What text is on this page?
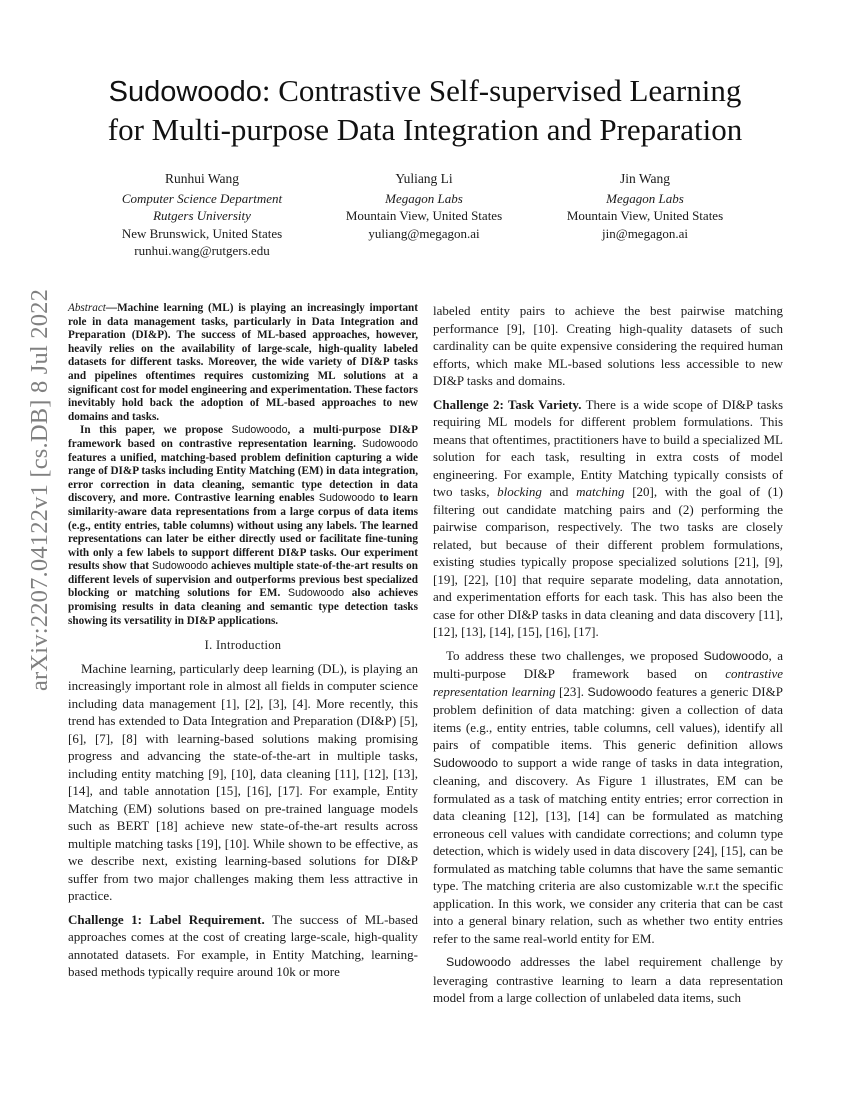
arXiv:2207.04122v1 [cs.DB] 8 Jul 2022
Sudowoodo: Contrastive Self-supervised Learning
for Multi-purpose Data Integration and Preparation
Runhui Wang
Computer Science Department
Rutgers University
New Brunswick, United States
runhui.wang@rutgers.edu
Yuliang Li
Megagon Labs
Mountain View, United States
yuliang@megagon.ai
Jin Wang
Megagon Labs
Mountain View, United States
jin@megagon.ai

Abstract—Machine learning (ML) is playing an increasingly important role in data management tasks, particularly in Data Integration and Preparation (DI&P). The success of ML-based approaches, however, heavily relies on the availability of large-scale, high-quality labeled datasets for different tasks. Moreover, the wide variety of DI&P tasks and pipelines oftentimes requires customizing ML solutions at a significant cost for model engineering and experimentation. These factors inevitably hold back the adoption of ML-based approaches to new domains and tasks.

In this paper, we propose Sudowoodo, a multi-purpose DI&P framework based on contrastive representation learning. Sudowoodo features a unified, matching-based problem definition capturing a wide range of DI&P tasks including Entity Matching (EM) in data integration, error correction in data cleaning, semantic type detection in data discovery, and more. Contrastive learning enables Sudowoodo to learn similarity-aware data representations from a large corpus of data items (e.g., entity entries, table columns) without using any labels. The learned representations can later be either directly used or facilitate fine-tuning with only a few labels to support different DI&P tasks. Our experiment results show that Sudowoodo achieves multiple state-of-the-art results on different levels of supervision and outperforms previous best specialized blocking or matching solutions for EM. Sudowoodo also achieves promising results in data cleaning and semantic type detection tasks showing its versatility in DI&P applications.

I. Introduction

Machine learning, particularly deep learning (DL), is playing an increasingly important role in almost all fields in computer science including data management [1], [2], [3], [4]. More recently, this trend has extended to Data Integration and Preparation (DI&P) [5], [6], [7], [8] with learning-based solutions making promising progress and advancing the state-of-the-art in multiple tasks, including entity matching [9], [10], data cleaning [11], [12], [13], [14], and table annotation [15], [16], [17]. For example, Entity Matching (EM) solutions based on pre-trained language models such as BERT [18] achieve new state-of-the-art results across multiple matching tasks [19], [10]. While shown to be effective, as we describe next, existing learning-based solutions for DI&P suffer from two major challenges making them less attractive in practice.

Challenge 1: Label Requirement. The success of ML-based approaches comes at the cost of creating large-scale, high-quality annotated datasets. For example, in Entity Matching, learning-based methods typically require around 10k or more

labeled entity pairs to achieve the best pairwise matching performance [9], [10]. Creating high-quality datasets of such cardinality can be quite expensive considering the required human efforts, which make ML-based solutions less accessible to new DI&P tasks and domains.

Challenge 2: Task Variety. There is a wide scope of DI&P tasks requiring ML models for different problem formulations. This means that oftentimes, practitioners have to build a specialized ML solution for each task, resulting in extra costs of model engineering. For example, Entity Matching typically consists of two tasks, blocking and matching [20], with the goal of (1) filtering out candidate matching pairs and (2) performing the pairwise comparison, respectively. The two tasks are closely related, but because of their different problem formulations, existing studies typically propose specialized solutions [21], [9], [19], [22], [10] that require separate modeling, data annotation, and experimentation efforts for each task. This has also been the case for other DI&P tasks in data cleaning and data discovery [11], [12], [13], [14], [15], [16], [17].

To address these two challenges, we proposed Sudowoodo, a multi-purpose DI&P framework based on contrastive representation learning [23]. Sudowoodo features a generic DI&P problem definition of data matching: given a collection of data items (e.g., entity entries, table columns, cell values), identify all pairs of compatible items. This generic definition allows Sudowoodo to support a wide range of tasks in data integration, cleaning, and discovery. As Figure 1 illustrates, EM can be formulated as a task of matching entity entries; error correction in data cleaning [12], [13], [14] can be formulated as matching erroneous cell values with candidate corrections; and column type detection, which is widely used in data discovery [24], [15], can be formulated as matching table columns that have the same semantic type. The matching criteria are also customizable w.r.t the specific application. In this work, we consider any criteria that can be cast into a general binary relation, such as whether two entity entries refer to the same real-world entity for EM.

Sudowoodo addresses the label requirement challenge by leveraging contrastive learning to learn a data representation model from a large collection of unlabeled data items, such
